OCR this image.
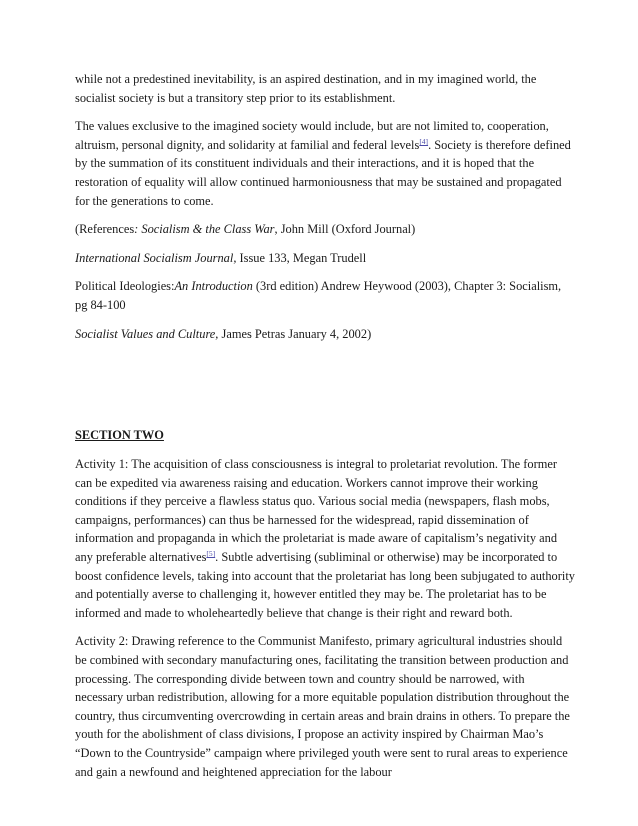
while not a predestined inevitability, is an aspired destination, and in my imagined world, the socialist society is but a transitory step prior to its establishment.

The values exclusive to the imagined society would include, but are not limited to, cooperation, altruism, personal dignity, and solidarity at familial and federal levels[4]. Society is therefore defined by the summation of its constituent individuals and their interactions, and it is hoped that the restoration of equality will allow continued harmoniousness that may be sustained and propagated for the generations to come.

(References: Socialism & the Class War, John Mill (Oxford Journal)

International Socialism Journal, Issue 133, Megan Trudell

Political Ideologies:An Introduction (3rd edition) Andrew Heywood (2003), Chapter 3: Socialism, pg 84-100

Socialist Values and Culture, James Petras January 4, 2002)

SECTION TWO

Activity 1: The acquisition of class consciousness is integral to proletariat revolution. The former can be expedited via awareness raising and education. Workers cannot improve their working conditions if they perceive a flawless status quo. Various social media (newspapers, flash mobs, campaigns, performances) can thus be harnessed for the widespread, rapid dissemination of information and propaganda in which the proletariat is made aware of capitalism’s negativity and any preferable alternatives[5]. Subtle advertising (subliminal or otherwise) may be incorporated to boost confidence levels, taking into account that the proletariat has long been subjugated to authority and potentially averse to challenging it, however entitled they may be. The proletariat has to be informed and made to wholeheartedly believe that change is their right and reward both.

Activity 2: Drawing reference to the Communist Manifesto, primary agricultural industries should be combined with secondary manufacturing ones, facilitating the transition between production and processing. The corresponding divide between town and country should be narrowed, with necessary urban redistribution, allowing for a more equitable population distribution throughout the country, thus circumventing overcrowding in certain areas and brain drains in others. To prepare the youth for the abolishment of class divisions, I propose an activity inspired by Chairman Mao’s “Down to the Countryside” campaign where privileged youth were sent to rural areas to experience and gain a newfound and heightened appreciation for the labour
